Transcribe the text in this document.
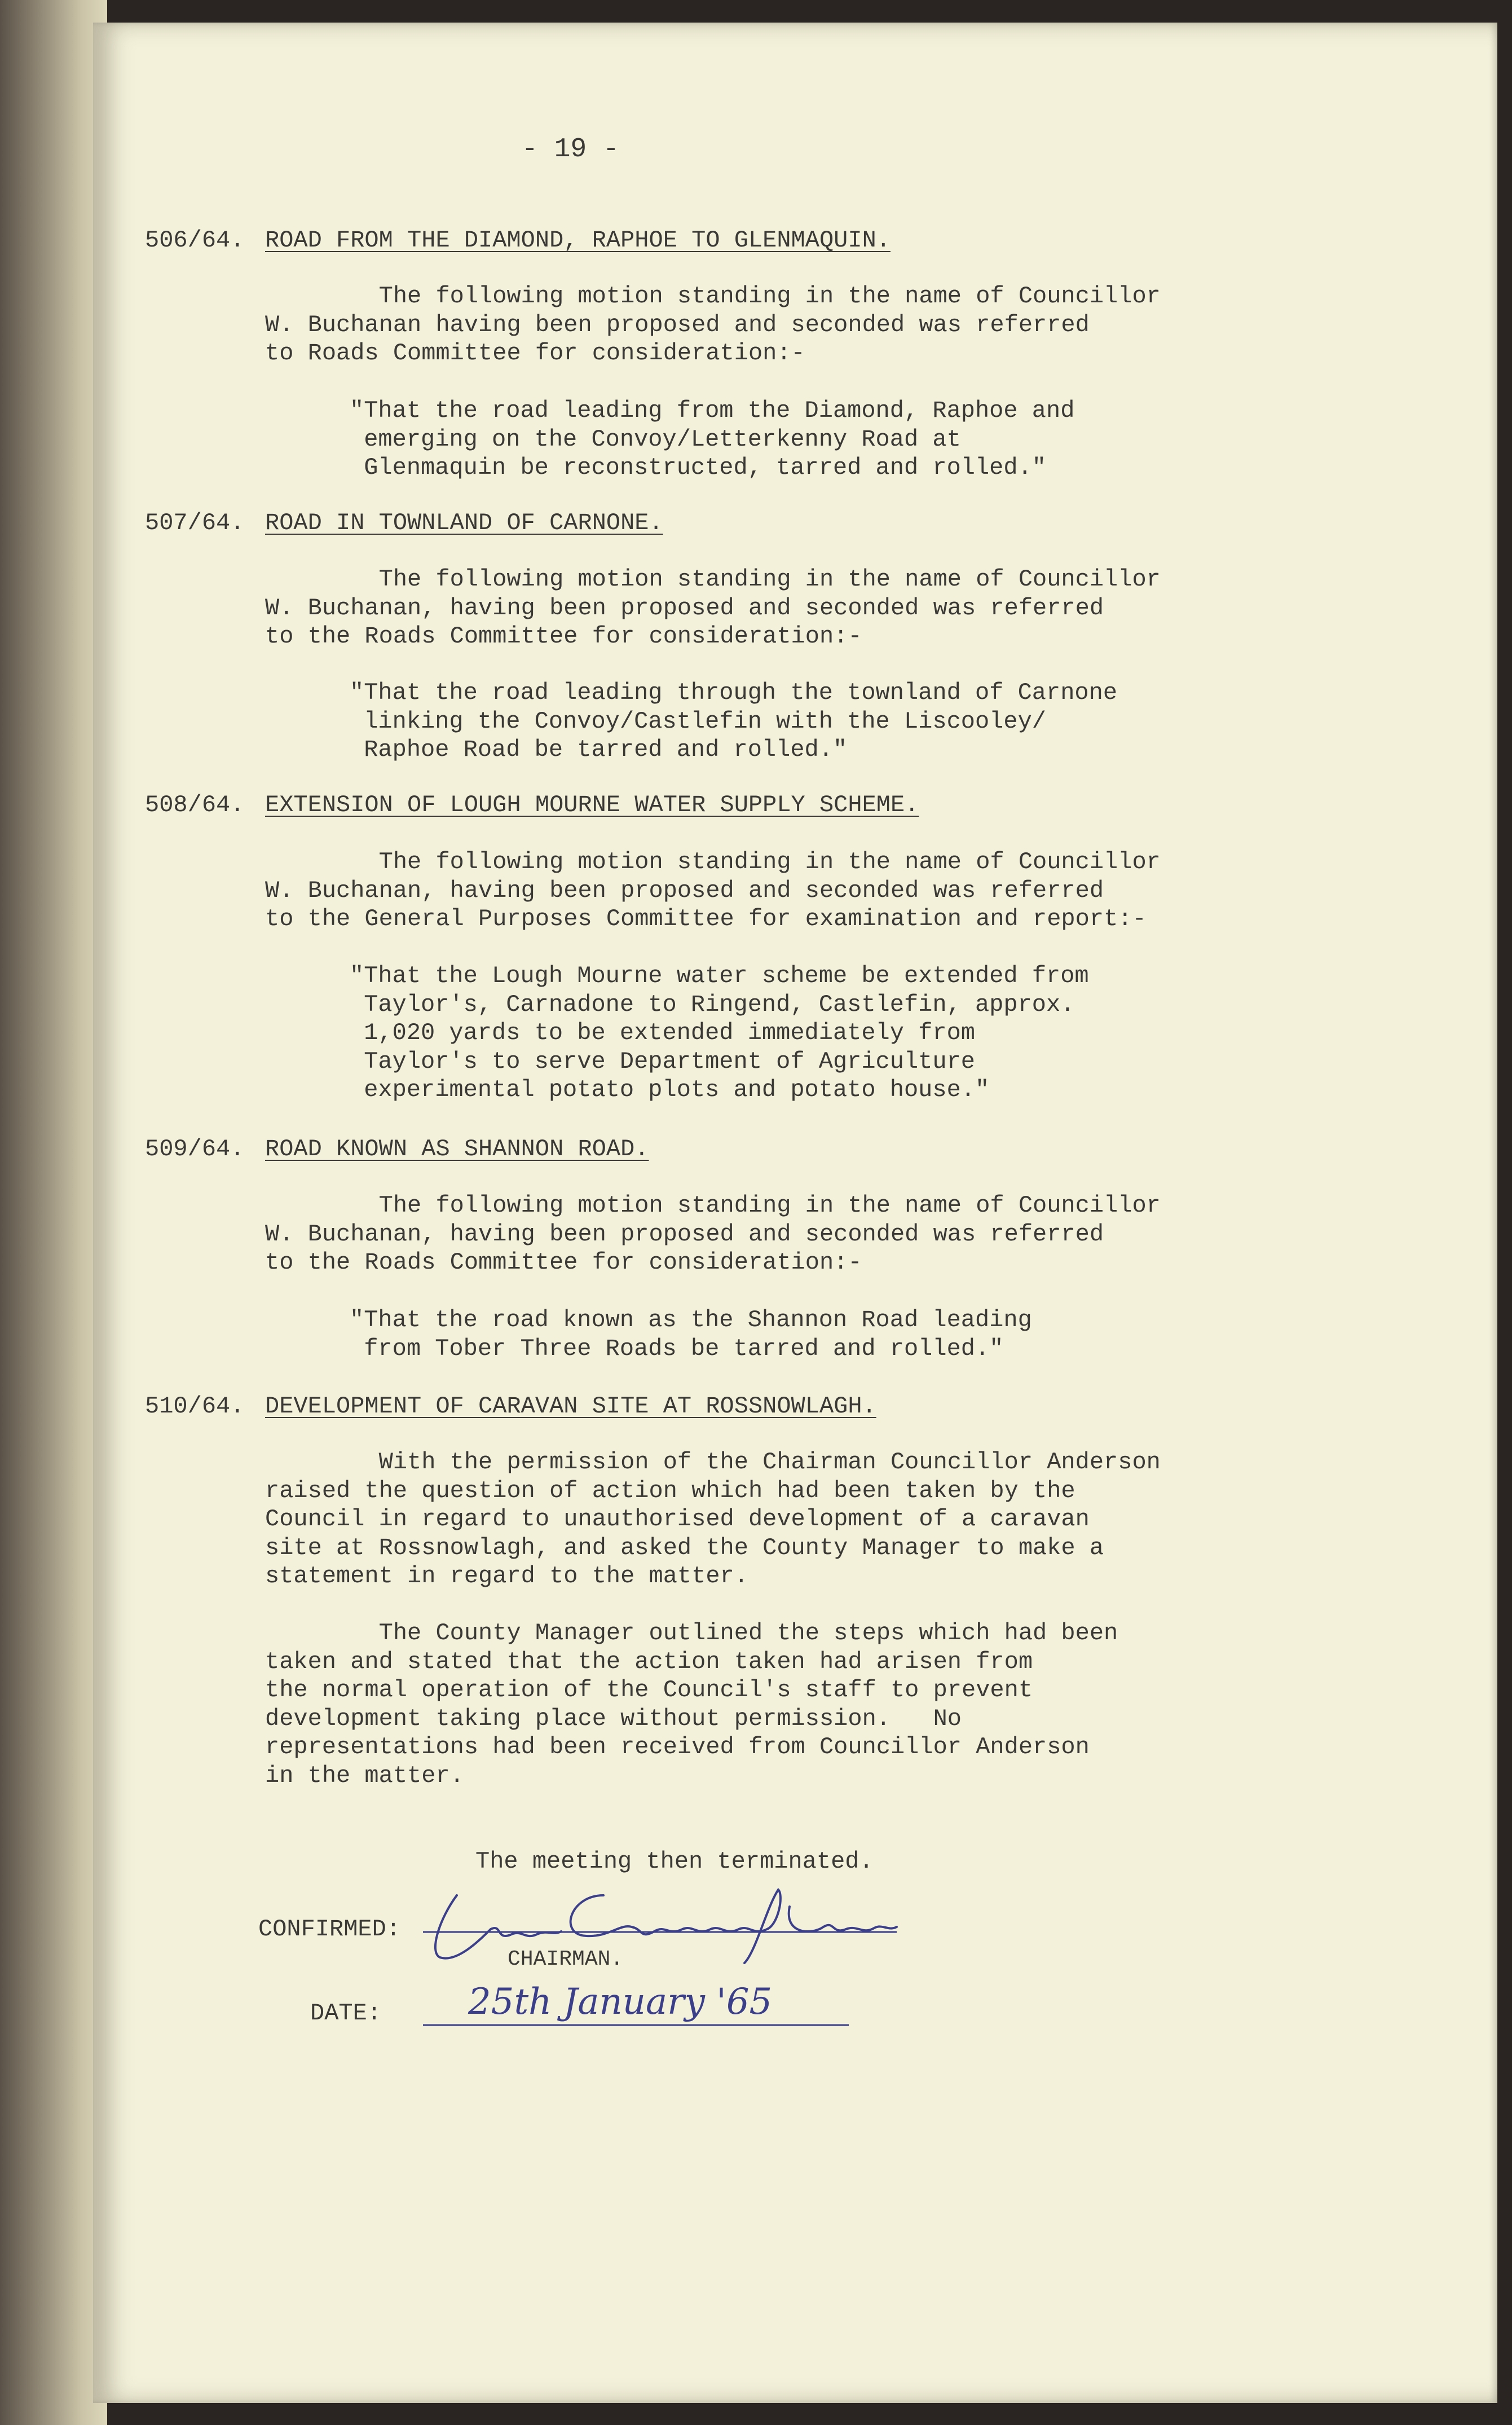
- 19 -
506/64. ROAD FROM THE DIAMOND, RAPHOE TO GLENMAQUIN.
The following motion standing in the name of Councillor
W. Buchanan having been proposed and seconded was referred
to Roads Committee for consideration:-
"That the road leading from the Diamond, Raphoe and
emerging on the Convoy/Letterkenny Road at
Glenmaquin be reconstructed, tarred and rolled."
507/64. ROAD IN TOWNLAND OF CARNONE.
The following motion standing in the name of Councillor
W. Buchanan, having been proposed and seconded was referred
to the Roads Committee for consideration:-
"That the road leading through the townland of Carnone
linking the Convoy/Castlefin with the Liscooley/
Raphoe Road be tarred and rolled."
508/64. EXTENSION OF LOUGH MOURNE WATER SUPPLY SCHEME.
The following motion standing in the name of Councillor
W. Buchanan, having been proposed and seconded was referred
to the General Purposes Committee for examination and report:-
"That the Lough Mourne water scheme be extended from
Taylor's, Carnadone to Ringend, Castlefin, approx.
1,020 yards to be extended immediately from
Taylor's to serve Department of Agriculture
experimental potato plots and potato house."
509/64. ROAD KNOWN AS SHANNON ROAD.
The following motion standing in the name of Councillor
W. Buchanan, having been proposed and seconded was referred
to the Roads Committee for consideration:-
"That the road known as the Shannon Road leading
from Tober Three Roads be tarred and rolled."
510/64. DEVELOPMENT OF CARAVAN SITE AT ROSSNOWLAGH.
With the permission of the Chairman Councillor Anderson
raised the question of action which had been taken by the
Council in regard to unauthorised development of a caravan
site at Rossnowlagh, and asked the County Manager to make a
statement in regard to the matter.
The County Manager outlined the steps which had been
taken and stated that the action taken had arisen from
the normal operation of the Council's staff to prevent
development taking place without permission.   No
representations had been received from Councillor Anderson
in the matter.
The meeting then terminated.
CONFIRMED:
CHAIRMAN.
DATE: 25th January '65
